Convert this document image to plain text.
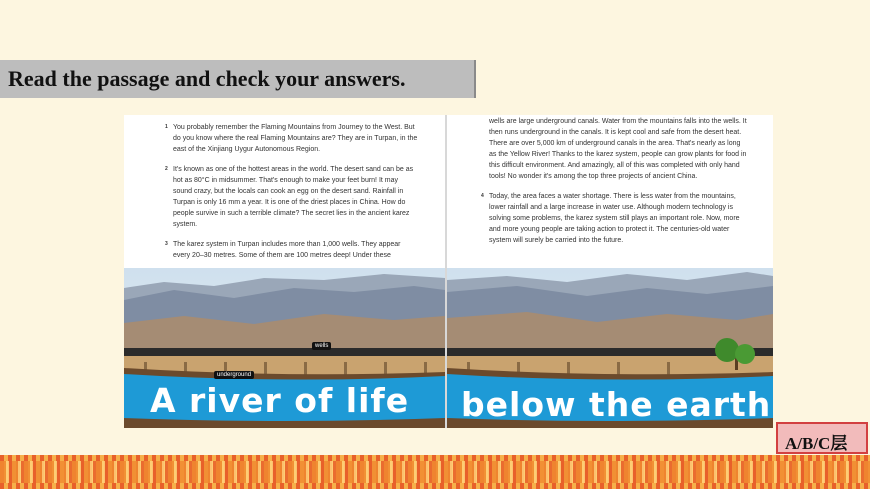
Read the passage and check your answers.
1 You probably remember the Flaming Mountains from Journey to the West. But do you know where the real Flaming Mountains are? They are in Turpan, in the east of the Xinjiang Uygur Autonomous Region.
2 It's known as one of the hottest areas in the world. The desert sand can be as hot as 80°C in midsummer. That's enough to make your feet burn! It may sound crazy, but the locals can cook an egg on the desert sand. Rainfall in Turpan is only 16 mm a year. It is one of the driest places in China. How do people survive in such a terrible climate? The secret lies in the ancient karez system.
3 The karez system in Turpan includes more than 1,000 wells. They appear every 20–30 metres. Some of them are 100 metres deep! Under these
wells
underground
A river of life
wells are large underground canals. Water from the mountains falls into the wells. It then runs underground in the canals. It is kept cool and safe from the desert heat. There are over 5,000 km of underground canals in the area. That's nearly as long as the Yellow River! Thanks to the karez system, people can grow plants for food in this difficult environment. And amazingly, all of this was completed with only hand tools! No wonder it's among the top three projects of ancient China.
4 Today, the area faces a water shortage. There is less water from the mountains, lower rainfall and a large increase in water use. Although modern technology is solving some problems, the karez system still plays an important role. Now, more and more young people are taking action to protect it. The centuries-old water system will surely be carried into the future.
below the earth
A/B/C层
